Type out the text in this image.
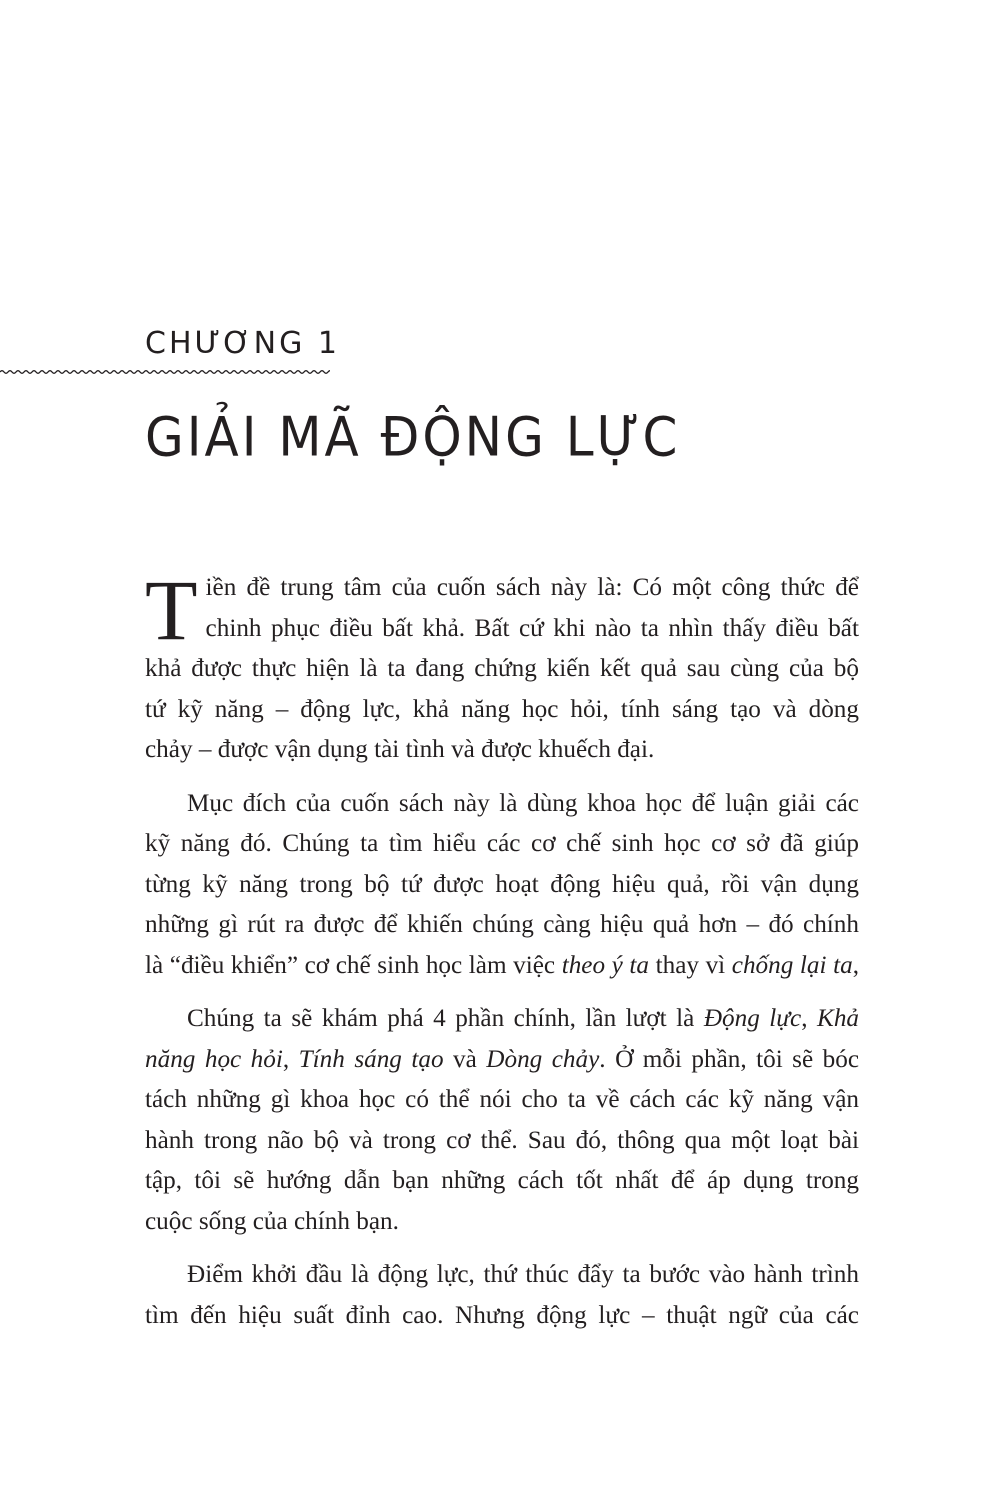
CHƯƠNG 1
GIẢI MÃ ĐỘNG LỰC
T iền đề trung tâm của cuốn sách này là: Có một công thức để
chinh phục điều bất khả. Bất cứ khi nào ta nhìn thấy điều bất
khả được thực hiện là ta đang chứng kiến kết quả sau cùng của bộ
tứ kỹ năng – động lực, khả năng học hỏi, tính sáng tạo và dòng
chảy – được vận dụng tài tình và được khuếch đại.
Mục đích của cuốn sách này là dùng khoa học để luận giải các
kỹ năng đó. Chúng ta tìm hiểu các cơ chế sinh học cơ sở đã giúp
từng kỹ năng trong bộ tứ được hoạt động hiệu quả, rồi vận dụng
những gì rút ra được để khiến chúng càng hiệu quả hơn – đó chính
là “điều khiển” cơ chế sinh học làm việc theo ý ta thay vì chống lại ta,
Chúng ta sẽ khám phá 4 phần chính, lần lượt là Động lực, Khả
năng học hỏi, Tính sáng tạo và Dòng chảy. Ở mỗi phần, tôi sẽ bóc
tách những gì khoa học có thể nói cho ta về cách các kỹ năng vận
hành trong não bộ và trong cơ thể. Sau đó, thông qua một loạt bài
tập, tôi sẽ hướng dẫn bạn những cách tốt nhất để áp dụng trong
cuộc sống của chính bạn.
Điểm khởi đầu là động lực, thứ thúc đẩy ta bước vào hành trình
tìm đến hiệu suất đỉnh cao. Nhưng động lực – thuật ngữ của các
